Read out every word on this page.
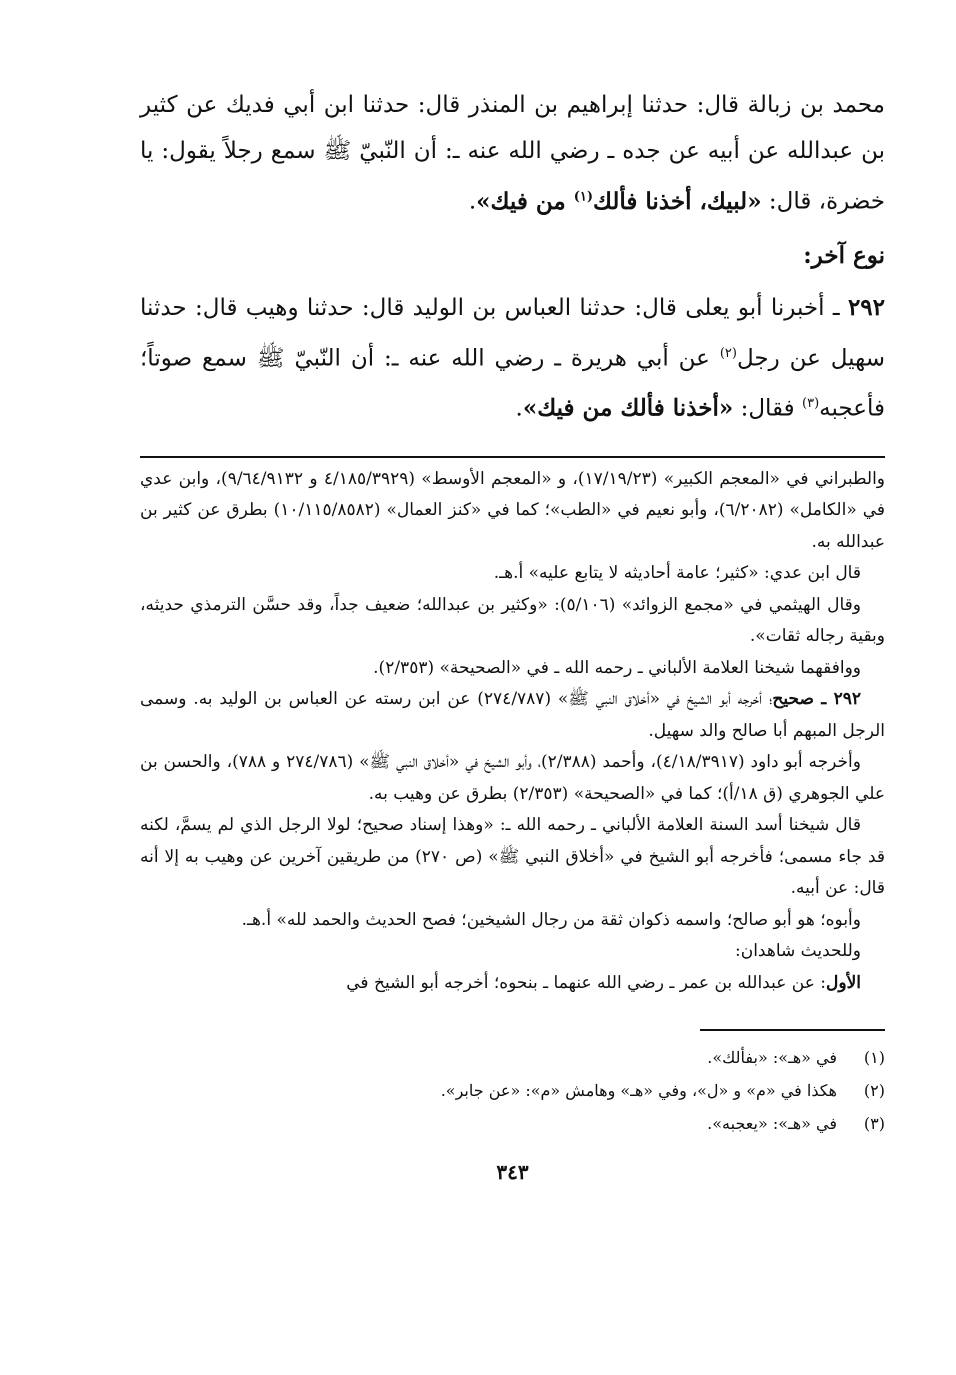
محمد بن زبالة قال: حدثنا إبراهيم بن المنذر قال: حدثنا ابن أبي فديك عن كثير بن عبدالله عن أبيه عن جده ـ رضي الله عنه ـ: أن النّبيّ ﷺ سمع رجلاً يقول: يا خضرة، قال: «لبيك، أخذنا فألك$^{(١)}$ من فيك».

نوع آخر:

٢٩٢ ـ أخبرنا أبو يعلى قال: حدثنا العباس بن الوليد قال: حدثنا وهيب قال: حدثنا سهيل عن رجل$^{(٢)}$ عن أبي هريرة ـ رضي الله عنه ـ: أن النّبيّ ﷺ سمع صوتاً؛ فأعجبه$^{(٣)}$ فقال: «أخذنا فألك من فيك».

والطبراني في «المعجم الكبير» (١٧/١٩/٢٣)، و «المعجم الأوسط» (٤/١٨٥/٣٩٢٩ و ٩/٦٤/٩١٣٢)، وابن عدي في «الكامل» (٦/٢٠٨٢)، وأبو نعيم في «الطب»؛ كما في «كنز العمال» (١٠/١١٥/٨٥٨٢) بطرق عن كثير بن عبدالله به.

قال ابن عدي: «كثير؛ عامة أحاديثه لا يتابع عليه» أ.هـ.

وقال الهيثمي في «مجمع الزوائد» (٥/١٠٦): «وكثير بن عبدالله؛ ضعيف جداً، وقد حسَّن الترمذي حديثه، وبقية رجاله ثقات».

ووافقهما شيخنا العلامة الألباني ـ رحمه الله ـ في «الصحيحة» (٢/٣٥٣).

٢٩٢ ـ صحيح؛ أخرجه أبو الشيخ في «أخلاق النبي ﷺ» (٢٧٤/٧٨٧) عن ابن رسته عن العباس بن الوليد به. وسمى الرجل المبهم أبا صالح والد سهيل.

وأخرجه أبو داود (٤/١٨/٣٩١٧)، وأحمد (٢/٣٨٨)، وأبو الشيخ في «أخلاق النبي ﷺ» (٢٧٤/٧٨٦ و ٧٨٨)، والحسن بن علي الجوهري (ق ١٨/أ)؛ كما في «الصحيحة» (٢/٣٥٣) بطرق عن وهيب به.

قال شيخنا أسد السنة العلامة الألباني ـ رحمه الله ـ: «وهذا إسناد صحيح؛ لولا الرجل الذي لم يسمَّ، لكنه قد جاء مسمى؛ فأخرجه أبو الشيخ في «أخلاق النبي ﷺ» (ص ٢٧٠) من طريقين آخرين عن وهيب به إلا أنه قال: عن أبيه.

وأبوه؛ هو أبو صالح؛ واسمه ذكوان ثقة من رجال الشيخين؛ فصح الحديث والحمد لله» أ.هـ.

وللحديث شاهدان:

الأول: عن عبدالله بن عمر ـ رضي الله عنهما ـ بنحوه؛ أخرجه أبو الشيخ في

(١)
في «هـ»: «بفألك».
(٢)
هكذا في «م» و «ل»، وفي «هـ» وهامش «م»: «عن جابر».
(٣)
في «هـ»: «يعجبه».
٣٤٣
